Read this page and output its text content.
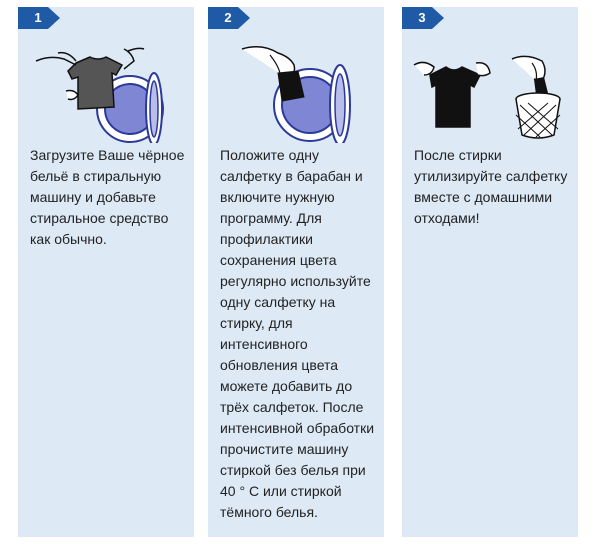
1

Загрузите Ваше чёрное
бельё в стиральную
машину и добавьте
стиральное средство
как обычно.

2

Положите одну
салфетку в барабан и
включите нужную
программу. Для
профилактики
сохранения цвета
регулярно используйте
одну салфетку на
стирку, для
интенсивного
обновления цвета
можете добавить до
трёх салфеток. После
интенсивной обработки
прочистите машину
стиркой без белья при
40 ° С или стиркой
тёмного белья.

3

После стирки
утилизируйте салфетку
вместе с домашними
отходами!
